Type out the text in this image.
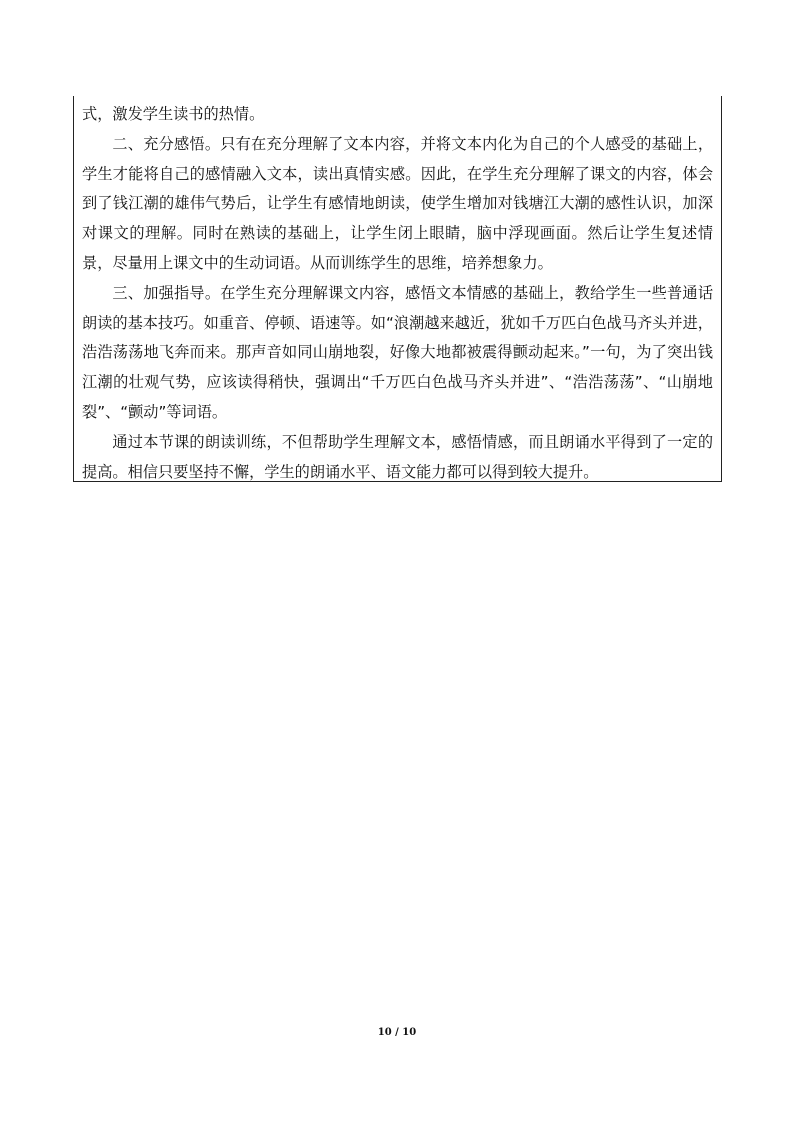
式，激发学生读书的热情。

二、充分感悟。只有在充分理解了文本内容，并将文本内化为自己的个人感受的基础上，学生才能将自己的感情融入文本，读出真情实感。因此，在学生充分理解了课文的内容，体会到了钱江潮的雄伟气势后，让学生有感情地朗读，使学生增加对钱塘江大潮的感性认识，加深对课文的理解。同时在熟读的基础上，让学生闭上眼睛，脑中浮现画面。然后让学生复述情景，尽量用上课文中的生动词语。从而训练学生的思维，培养想象力。

三、加强指导。在学生充分理解课文内容，感悟文本情感的基础上，教给学生一些普通话朗读的基本技巧。如重音、停顿、语速等。如“浪潮越来越近，犹如千万匹白色战马齐头并进，浩浩荡荡地飞奔而来。那声音如同山崩地裂，好像大地都被震得颤动起来。”一句，为了突出钱江潮的壮观气势，应该读得稍快，强调出“千万匹白色战马齐头并进”、“浩浩荡荡”、“山崩地裂”、“颤动”等词语。

通过本节课的朗读训练，不但帮助学生理解文本，感悟情感，而且朗诵水平得到了一定的提高。相信只要坚持不懈，学生的朗诵水平、语文能力都可以得到较大提升。

10 / 10
